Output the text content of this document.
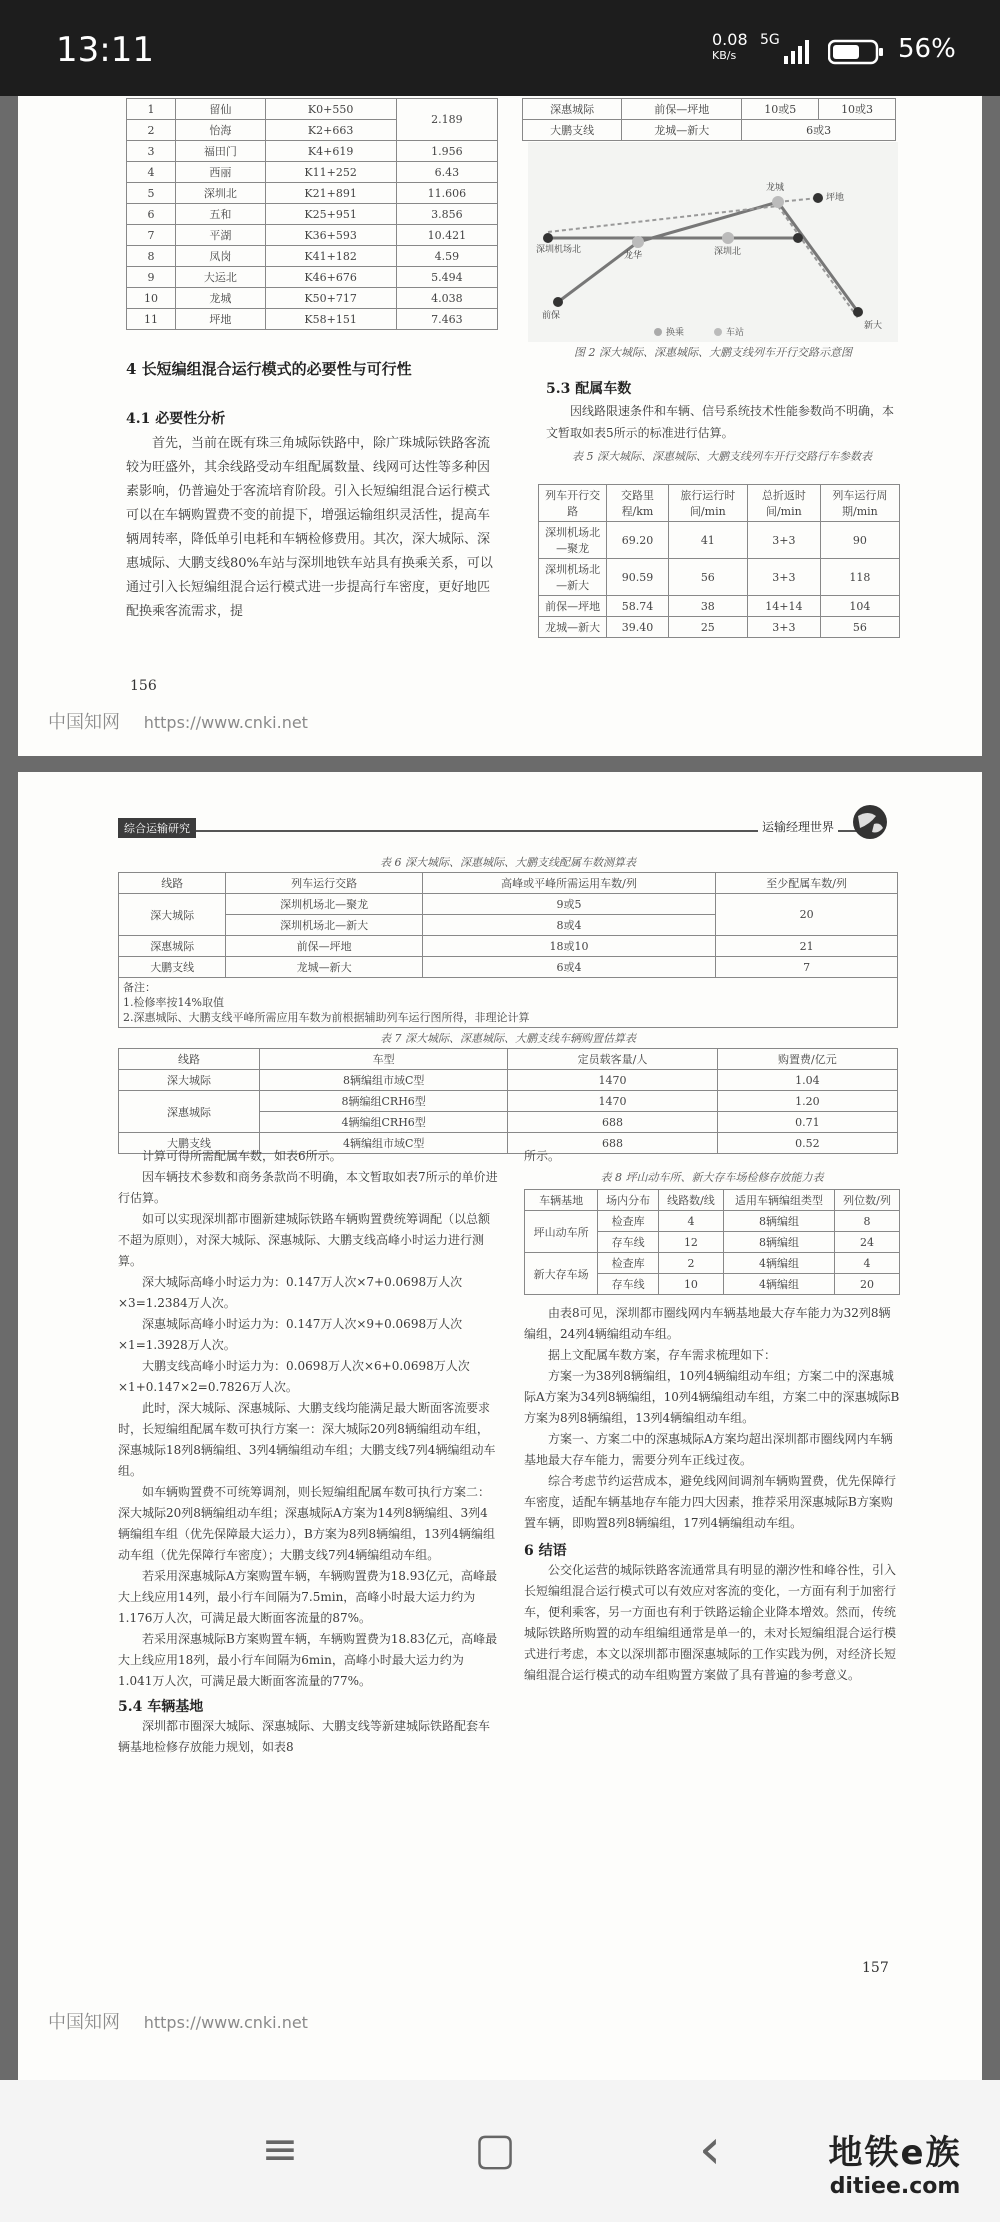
13:11	0.08
KB/s
5G	56%
1	留仙	K0+550	2.189
2	怡海	K2+663	
3	福田门	K4+619	1.956
4	西丽	K11+252	6.43
5	深圳北	K21+891	11.606
6	五和	K25+951	3.856
7	平湖	K36+593	10.421
8	凤岗	K41+182	4.59
9	大运北	K46+676	5.494
10	龙城	K50+717	4.038
11	坪地	K58+151	7.463
深惠城际	前保—坪地	10或5	10或3
大鹏支线	龙城—新大	6或3	
龙城
坪地
深圳机场北
龙华	深圳北
新大
前保
换乘	车站
图 2 深大城际、深惠城际、大鹏支线列车开行交路示意图
4 长短编组混合运行模式的必要性与可行性
4.1 必要性分析

首先，当前在既有珠三角城际铁路中，除广珠城际铁路客流较为旺盛外，其余线路受动车组配属数量、线网可达性等多种因素影响，仍普遍处于客流培育阶段。引入长短编组混合运行模式可以在车辆购置费不变的前提下，增强运输组织灵活性，提高车辆周转率，降低单引电耗和车辆检修费用。其次，深大城际、深惠城际、大鹏支线80%车站与深圳地铁车站具有换乘关系，可以通过引入长短编组混合运行模式进一步提高行车密度，更好地匹配换乘客流需求，提

5.3 配属车数

因线路限速条件和车辆、信号系统技术性能参数尚不明确，本文暂取如表5所示的标准进行估算。

表 5 深大城际、深惠城际、大鹏支线列车开行交路行车参数表
列车开行交路	交路里程/km	旅行运行时间/min	总折返时间/min	列车运行周期/min
深圳机场北—聚龙	69.20	41	3+3	90
深圳机场北—新大	90.59	56	3+3	118
前保—坪地	58.74	38	14+14	104
龙城—新大	39.40	25	3+3	56
156
中国知网 https://www.cnki.net
综合运输研究	运输经理世界
表 6 深大城际、深惠城际、大鹏支线配属车数测算表
线路	列车运行交路	高峰或平峰所需运用车数/列	至少配属车数/列
深大城际	深圳机场北—聚龙	9或5	20
	深圳机场北—新大	8或4	
深惠城际	前保—坪地	18或10	21
大鹏支线	龙城—新大	6或4	7

备注：
1.检修率按14%取值
2.深惠城际、大鹏支线平峰所需应用车数为前根据辅助列车运行图所得，非理论计算			
表 7 深大城际、深惠城际、大鹏支线车辆购置估算表
线路	车型	定员载客量/人	购置费/亿元
深大城际	8辆编组市域C型	1470	1.04
深惠城际	8辆编组CRH6型	1470	1.20
	4辆编组CRH6型	688	0.71
大鹏支线	4辆编组市域C型	688	0.52

计算可得所需配属车数，如表6所示。

因车辆技术参数和商务条款尚不明确，本文暂取如表7所示的单价进行估算。

如可以实现深圳都市圈新建城际铁路车辆购置费统筹调配（以总额不超为原则），对深大城际、深惠城际、大鹏支线高峰小时运力进行测算。

深大城际高峰小时运力为：0.147万人次×7+0.0698万人次×3=1.2384万人次。

深惠城际高峰小时运力为：0.147万人次×9+0.0698万人次×1=1.3928万人次。

大鹏支线高峰小时运力为：0.0698万人次×6+0.0698万人次×1+0.147×2=0.7826万人次。

此时，深大城际、深惠城际、大鹏支线均能满足最大断面客流要求时，长短编组配属车数可执行方案一：深大城际20列8辆编组动车组，深惠城际18列8辆编组、3列4辆编组动车组；大鹏支线7列4辆编组动车组。

如车辆购置费不可统筹调剂，则长短编组配属车数可执行方案二：深大城际20列8辆编组动车组；深惠城际A方案为14列8辆编组、3列4辆编组车组（优先保障最大运力），B方案为8列8辆编组，13列4辆编组动车组（优先保障行车密度）；大鹏支线7列4辆编组动车组。

若采用深惠城际A方案购置车辆，车辆购置费为18.93亿元，高峰最大上线应用14列，最小行车间隔为7.5min，高峰小时最大运力约为1.176万人次，可满足最大断面客流量的87%。

若采用深惠城际B方案购置车辆，车辆购置费为18.83亿元，高峰最大上线应用18列，最小行车间隔为6min，高峰小时最大运力约为1.041万人次，可满足最大断面客流量的77%。

5.4 车辆基地

深圳都市圈深大城际、深惠城际、大鹏支线等新建城际铁路配套车辆基地检修存放能力规划，如表8

所示。

表 8 坪山动车所、新大存车场检修存放能力表
车辆基地	场内分布	线路数/线	适用车辆编组类型	列位数/列
坪山动车所	检查库	4	8辆编组	8
	存车线	12	8辆编组	24
新大存车场	检查库	2	4辆编组	4
	存车线	10	4辆编组	20

由表8可见，深圳都市圈线网内车辆基地最大存车能力为32列8辆编组，24列4辆编组动车组。

据上文配属车数方案，存车需求梳理如下：

方案一为38列8辆编组，10列4辆编组动车组；方案二中的深惠城际A方案为34列8辆编组，10列4辆编组动车组，方案二中的深惠城际B方案为8列8辆编组，13列4辆编组动车组。

方案一、方案二中的深惠城际A方案均超出深圳都市圈线网内车辆基地最大存车能力，需要分列车正线过夜。

综合考虑节约运营成本，避免线网间调剂车辆购置费，优先保障行车密度，适配车辆基地存车能力四大因素，推荐采用深惠城际B方案购置车辆，即购置8列8辆编组，17列4辆编组动车组。

6 结语

公交化运营的城际铁路客流通常具有明显的潮汐性和峰谷性，引入长短编组混合运行模式可以有效应对客流的变化，一方面有利于加密行车，便利乘客，另一方面也有利于铁路运输企业降本增效。然而，传统城际铁路所购置的动车组编组通常是单一的，未对长短编组混合运行模式进行考虑，本文以深圳都市圈深惠城际的工作实践为例，对经济长短编组混合运行模式的动车组购置方案做了具有普遍的参考意义。

157
中国知网 https://www.cnki.net
≡	▢	‹	地铁e族
ditiee.com
